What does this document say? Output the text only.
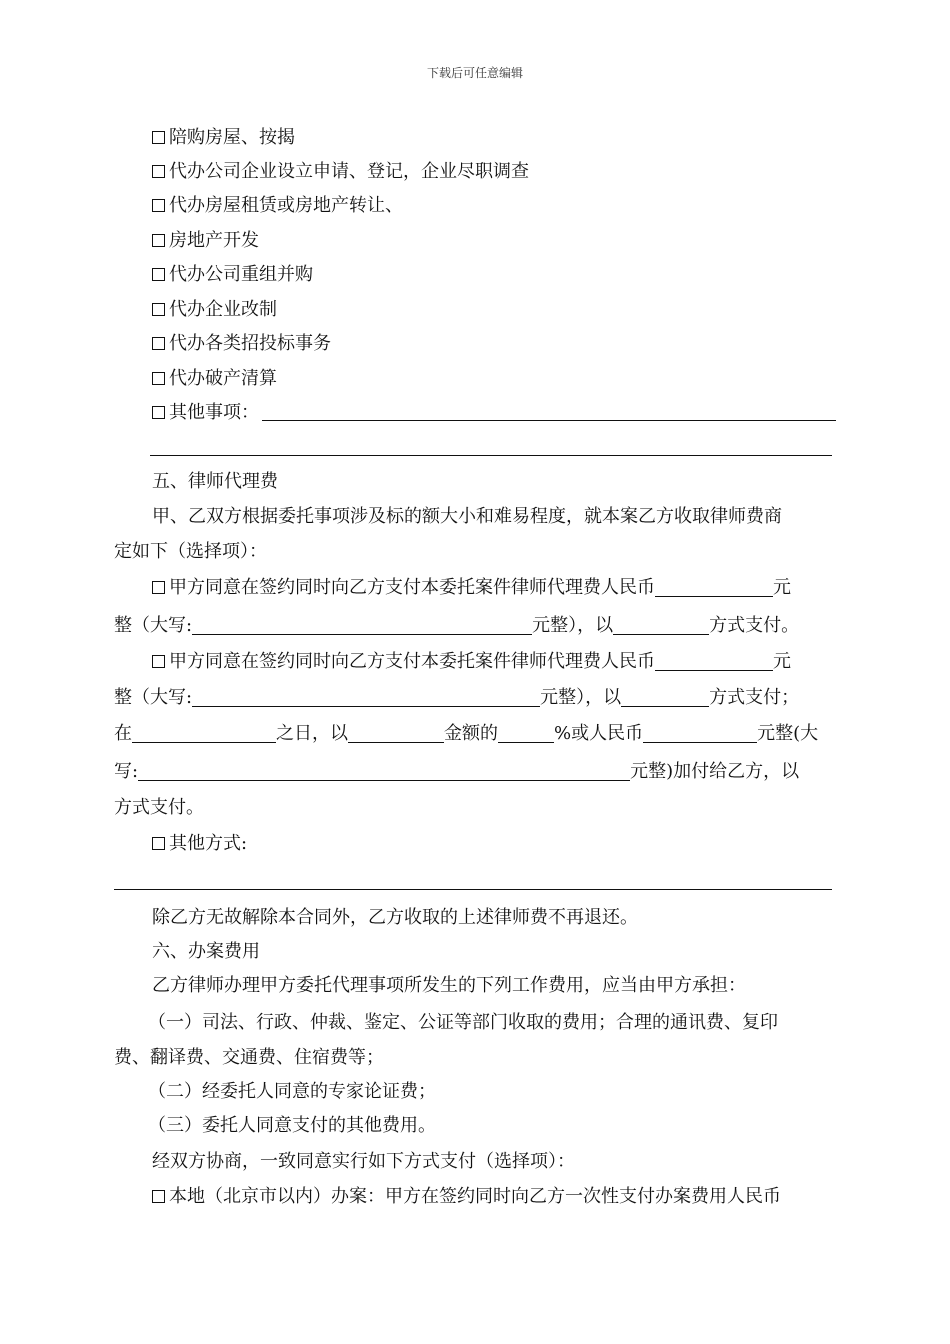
下载后可任意编辑
陪购房屋、按揭
代办公司企业设立申请、登记，企业尽职调查
代办房屋租赁或房地产转让、
房地产开发
代办公司重组并购
代办企业改制
代办各类招投标事务
代办破产清算
其他事项：
五、律师代理费
甲、乙双方根据委托事项涉及标的额大小和难易程度，就本案乙方收取律师费商
定如下（选择项）：
甲方同意在签约同时向乙方支付本委托案件律师代理费人民币	元
整（大写:	元整），以	方式支付。
甲方同意在签约同时向乙方支付本委托案件律师代理费人民币	元
整（大写:	元整），以	方式支付；
在	之日，以	金额的	%或人民币	元整(大
写:	元整)加付给乙方，以
方式支付。
其他方式:
除乙方无故解除本合同外，乙方收取的上述律师费不再退还。
六、办案费用
乙方律师办理甲方委托代理事项所发生的下列工作费用，应当由甲方承担：
（一）司法、行政、仲裁、鉴定、公证等部门收取的费用；合理的通讯费、复印
费、翻译费、交通费、住宿费等；
（二）经委托人同意的专家论证费；
（三）委托人同意支付的其他费用。
经双方协商，一致同意实行如下方式支付（选择项）：
本地（北京市以内）办案：甲方在签约同时向乙方一次性支付办案费用人民币
